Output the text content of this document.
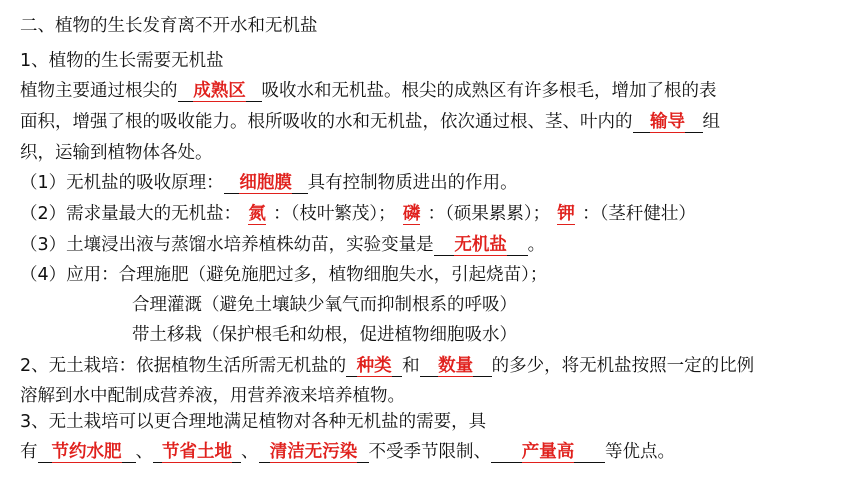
二、植物的生长发育离不开水和无机盐
1、植物的生长需要无机盐
植物主要通过根尖的 成熟区 吸收水和无机盐。根尖的成熟区有许多根毛，增加了根的表
面积，增强了根的吸收能力。根所吸收的水和无机盐，依次通过根、茎、叶内的 输导 组
织，运输到植物体各处。
（1）无机盐的吸收原理： 细胞膜 具有控制物质进出的作用。
（2）需求量最大的无机盐： 氮 ：（枝叶繁茂）； 磷 ：（硕果累累）； 钾 ：（茎秆健壮）
（3）土壤浸出液与蒸馏水培养植株幼苗，实验变量是 无机盐 。
（4）应用：合理施肥（避免施肥过多，植物细胞失水，引起烧苗）；
合理灌溉（避免土壤缺少氧气而抑制根系的呼吸）
带土移栽（保护根毛和幼根，促进植物细胞吸水）
2、无土栽培：依据植物生活所需无机盐的 种类 和 数量 的多少，将无机盐按照一定的比例
溶解到水中配制成营养液，用营养液来培养植物。
3、无土栽培可以更合理地满足植物对各种无机盐的需要，具
有 节约水肥 、 节省土地 、 清洁无污染 不受季节限制、 产量高 等优点。
